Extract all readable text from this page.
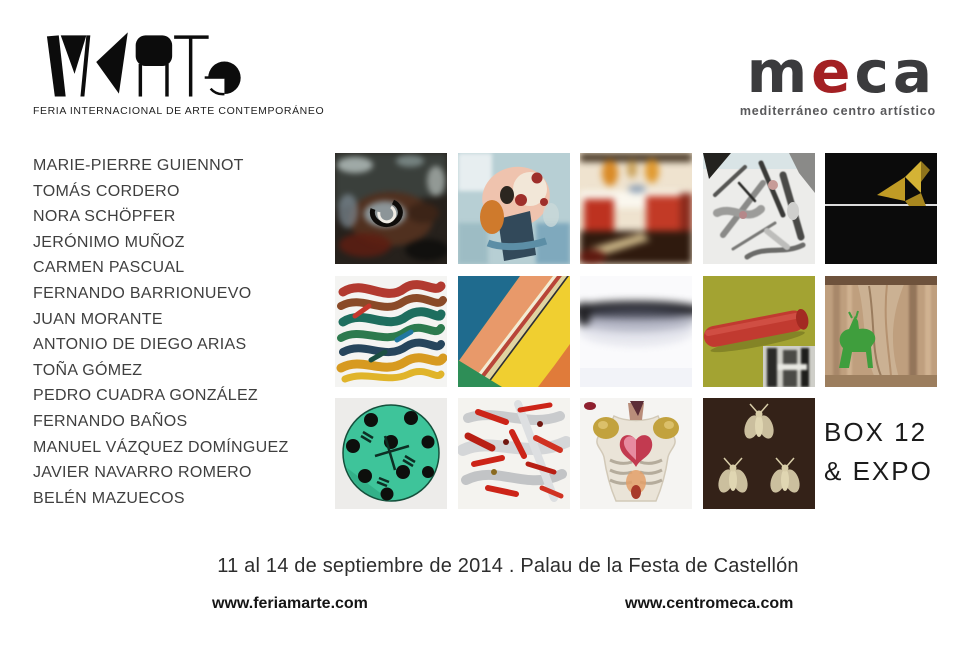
FERIA INTERNACIONAL DE ARTE CONTEMPORÁNEO
meca
mediterráneo centro artístico
MARIE-PIERRE GUIENNOT
TOMÁS CORDERO
NORA SCHÖPFER
JERÓNIMO MUÑOZ
CARMEN PASCUAL
FERNANDO BARRIONUEVO
JUAN MORANTE
ANTONIO DE DIEGO ARIAS
TOÑA GÓMEZ
PEDRO CUADRA GONZÁLEZ
FERNANDO BAÑOS
MANUEL VÁZQUEZ DOMÍNGUEZ
JAVIER NAVARRO ROMERO
BELÉN MAZUECOS
BOX 12
& EXPO
11 al 14 de septiembre de 2014 . Palau de la Festa de Castellón
www.feriamarte.com	www.centromeca.com
